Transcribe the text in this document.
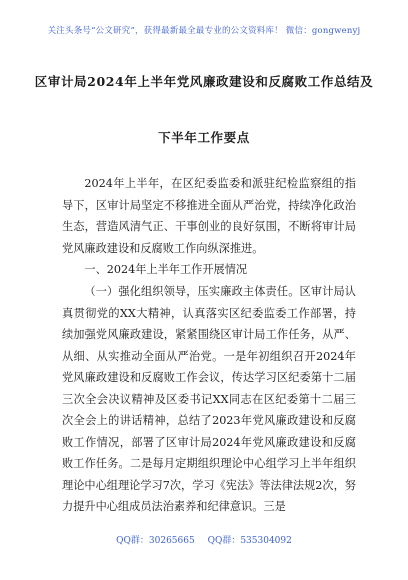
关注头条号“公文研究”，获得最新最全最专业的公文资料库！ 微信：gongwenyj
区审计局2024年上半年党风廉政建设和反腐败工作总结及
下半年工作要点
2024年上半年，在区纪委监委和派驻纪检监察组的指导下，区审计局坚定不移推进全面从严治党，持续净化政治生态，营造风清气正、干事创业的良好氛围，不断将审计局党风廉政建设和反腐败工作向纵深推进。
一、2024年上半年工作开展情况
（一）强化组织领导，压实廉政主体责任。区审计局认真贯彻党的XX大精神，认真落实区纪委监委工作部署，持续加强党风廉政建设，紧紧围绕区审计局工作任务，从严、从细、从实推动全面从严治党。一是年初组织召开2024年党风廉政建设和反腐败工作会议，传达学习区纪委第十二届三次全会决议精神及区委书记XX同志在区纪委第十二届三次全会上的讲话精神，总结了2023年党风廉政建设和反腐败工作情况，部署了区审计局2024年党风廉政建设和反腐败工作任务。二是每月定期组织理论中心组学习上半年组织理论中心组理论学习7次，学习《宪法》等法律法规2次，努力提升中心组成员法治素养和纪律意识。三是
QQ群：30265665 QQ群：535304092
